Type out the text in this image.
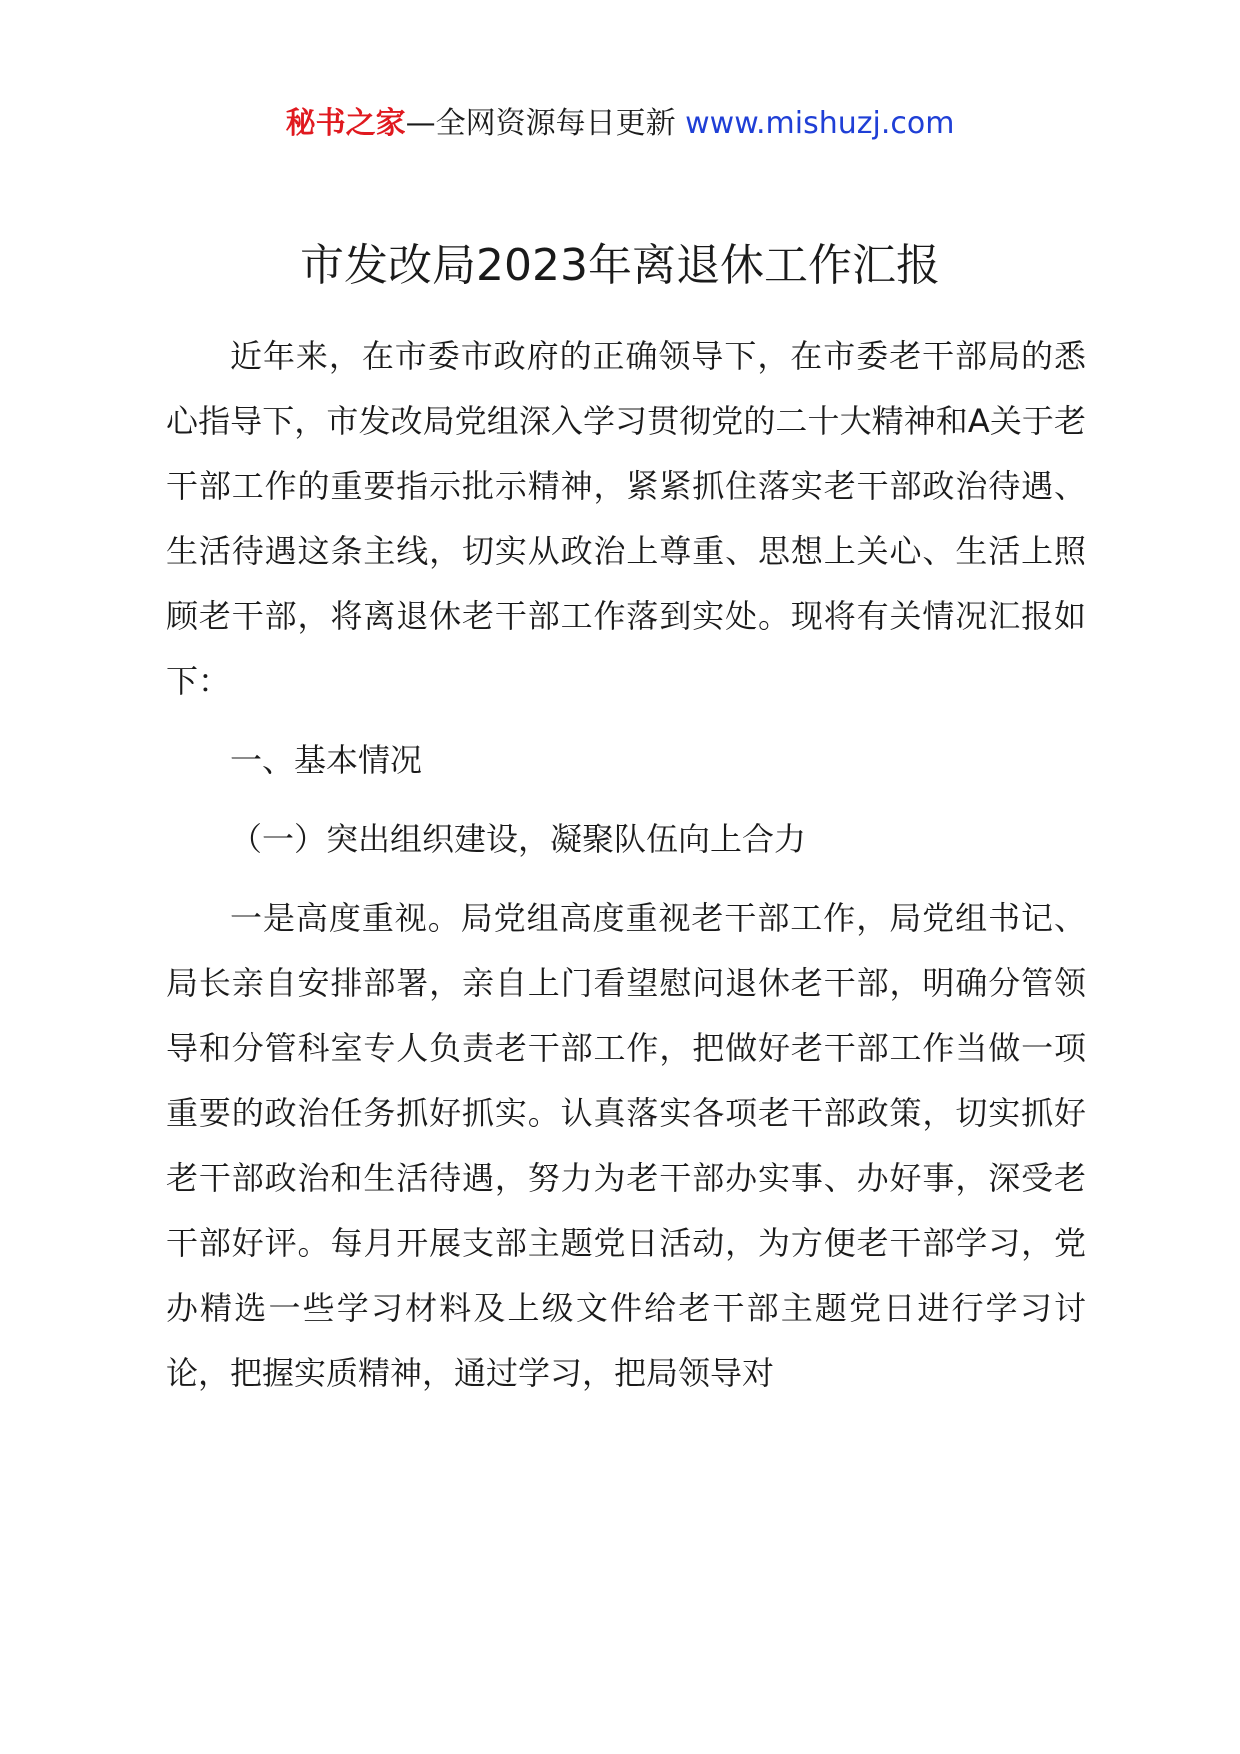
秘书之家—全网资源每日更新 www.mishuzj.com
市发改局2023年离退休工作汇报

近年来，在市委市政府的正确领导下，在市委老干部局的悉心指导下，市发改局党组深入学习贯彻党的二十大精神和A关于老干部工作的重要指示批示精神，紧紧抓住落实老干部政治待遇、生活待遇这条主线，切实从政治上尊重、思想上关心、生活上照顾老干部，将离退休老干部工作落到实处。现将有关情况汇报如下：

一、基本情况

（一）突出组织建设，凝聚队伍向上合力

一是高度重视。局党组高度重视老干部工作，局党组书记、局长亲自安排部署，亲自上门看望慰问退休老干部，明确分管领导和分管科室专人负责老干部工作，把做好老干部工作当做一项重要的政治任务抓好抓实。认真落实各项老干部政策，切实抓好老干部政治和生活待遇，努力为老干部办实事、办好事，深受老干部好评。每月开展支部主题党日活动，为方便老干部学习，党办精选一些学习材料及上级文件给老干部主题党日进行学习讨论，把握实质精神，通过学习，把局领导对
